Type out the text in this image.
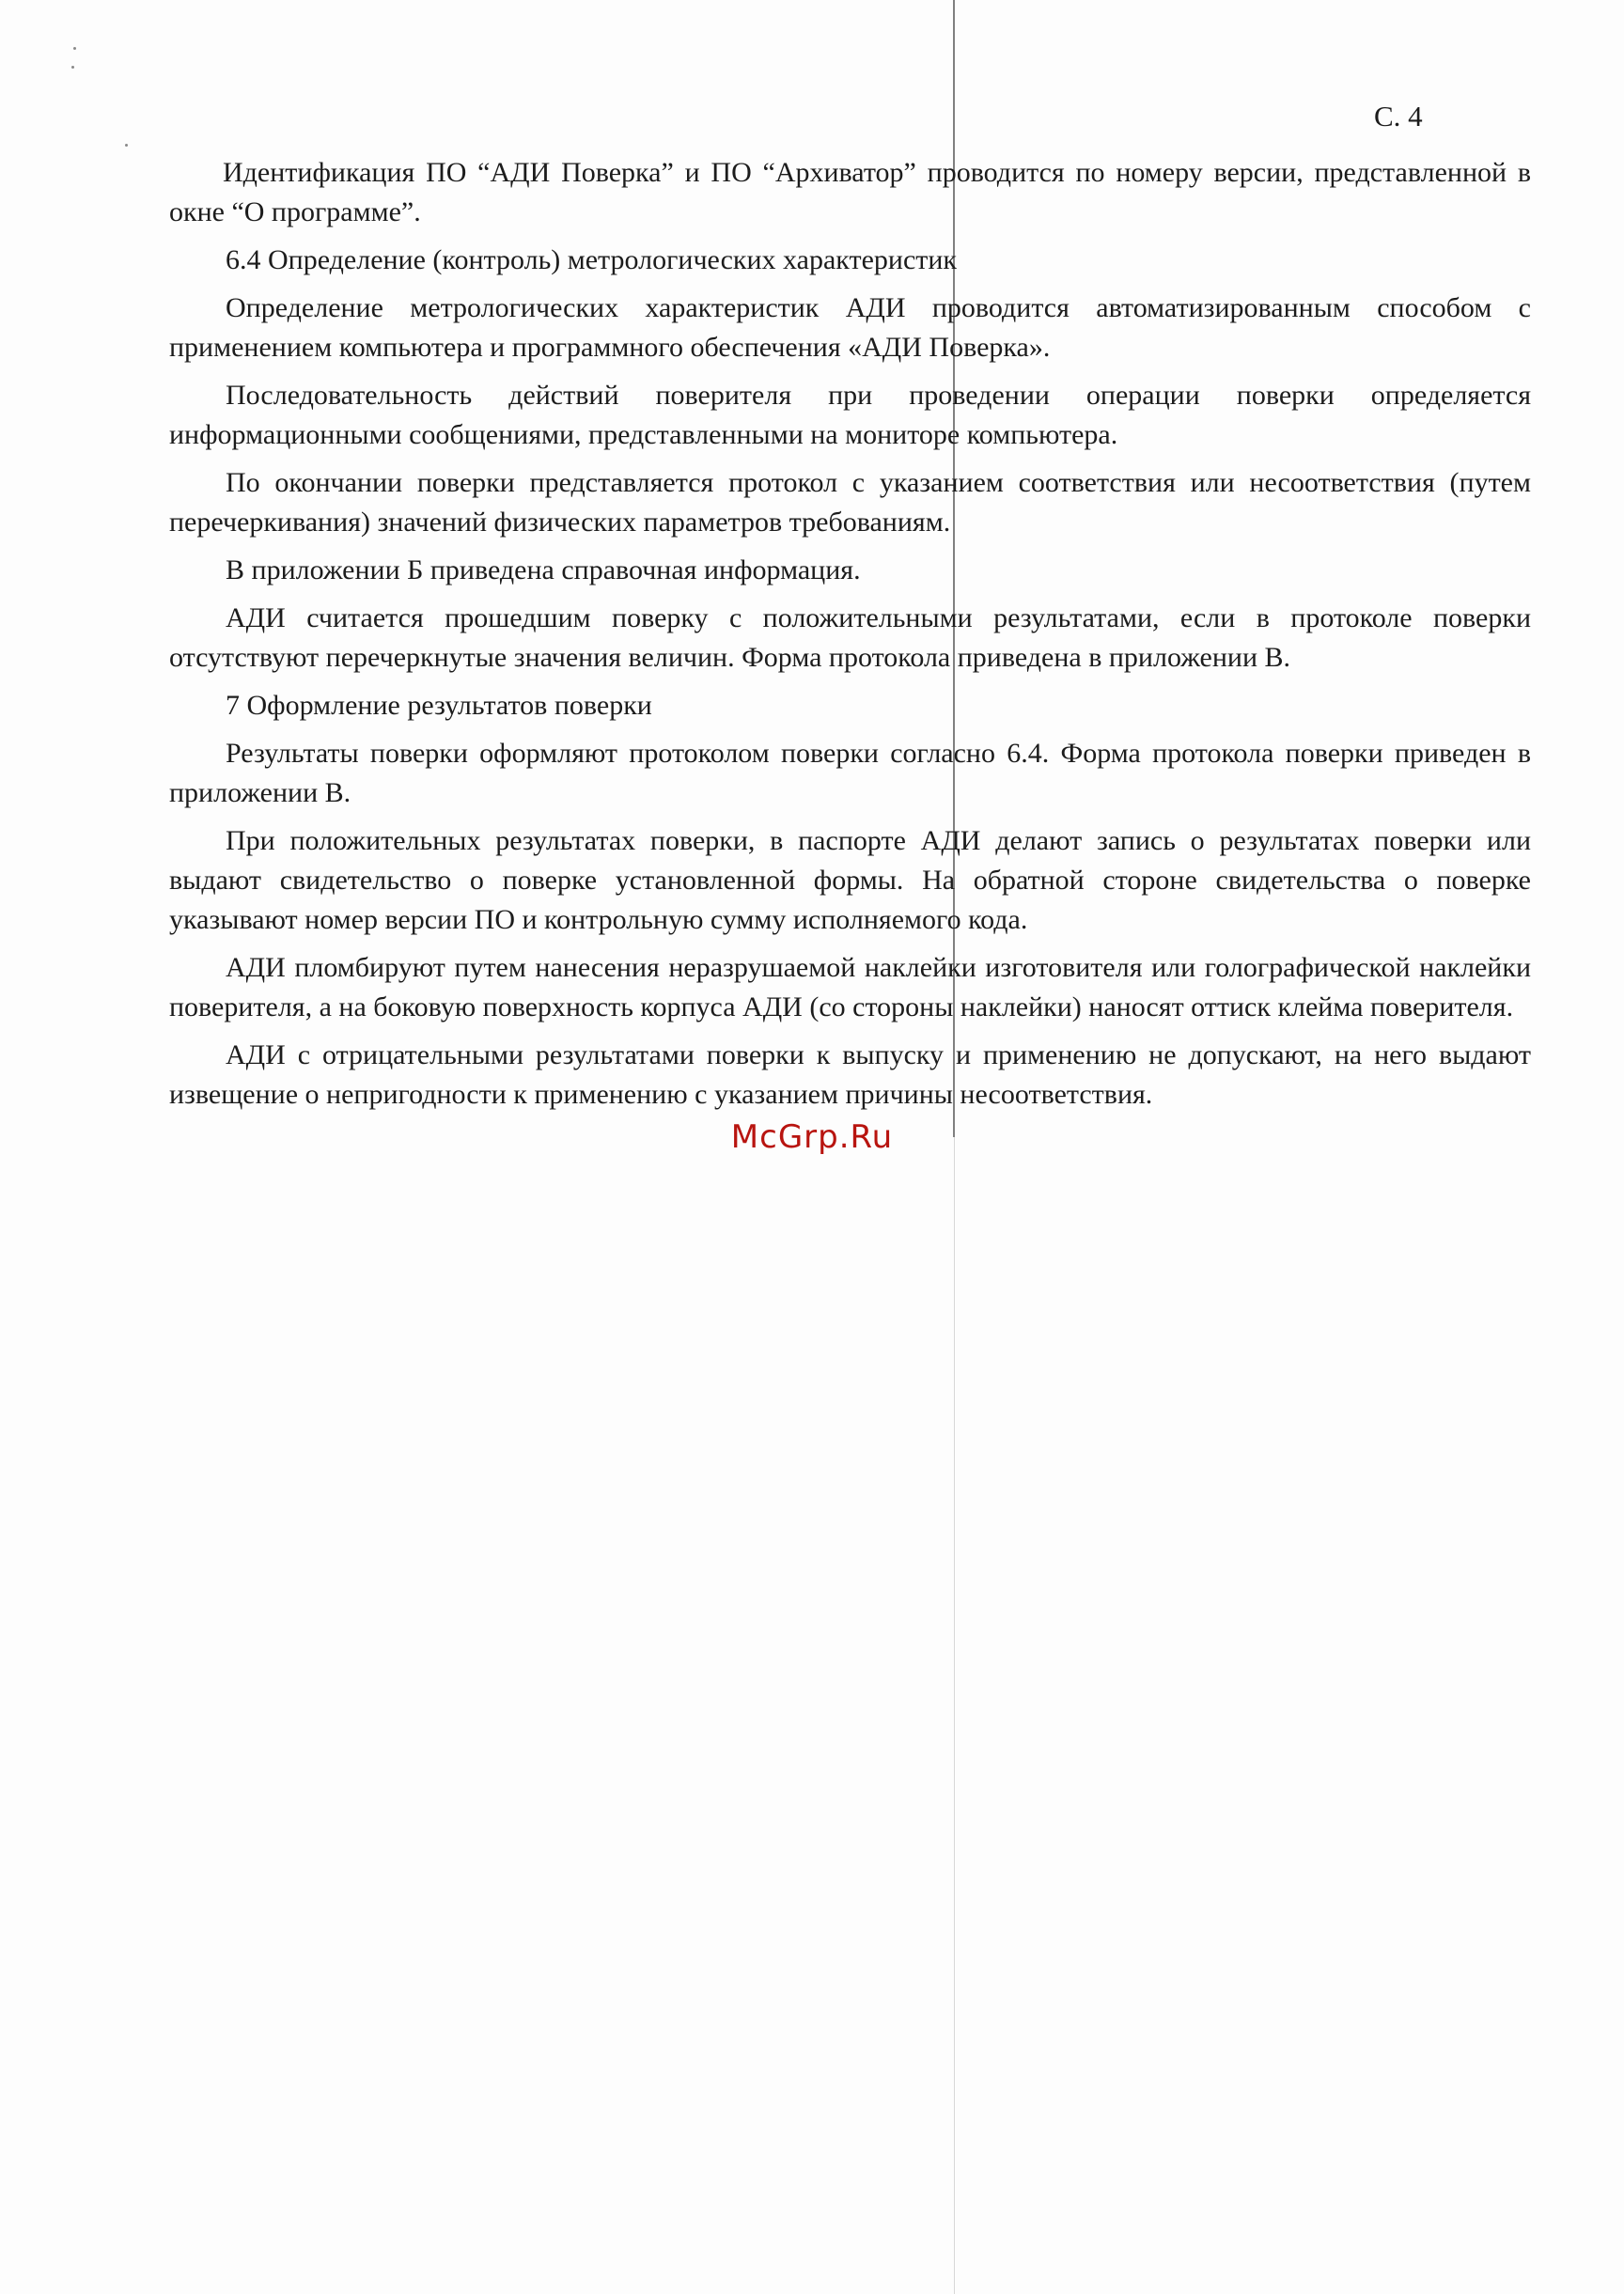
С. 4

Идентификация ПО “АДИ Поверка” и ПО “Архиватор” проводится по номеру версии, представленной в окне “О программе”.

6.4 Определение (контроль) метрологических характеристик

Определение метрологических характеристик АДИ проводится автоматизированным способом с применением компьютера и программного обеспечения «АДИ Поверка».

Последовательность действий поверителя при проведении операции поверки определяется информационными сообщениями, представленными на мониторе компьютера.

По окончании поверки представляется протокол с указанием соответствия или несоответствия (путем перечеркивания) значений физических параметров требованиям.

В приложении Б приведена справочная информация.

АДИ считается прошедшим поверку с положительными результатами, если в протоколе поверки отсутствуют перечеркнутые значения величин. Форма протокола приведена в приложении В.

7 Оформление результатов поверки

Результаты поверки оформляют протоколом поверки согласно 6.4. Форма протокола поверки приведен в приложении В.

При положительных результатах поверки, в паспорте АДИ делают запись о результатах поверки или выдают свидетельство о поверке установленной формы. На обратной стороне свидетельства о поверке указывают номер версии ПО и контрольную сумму исполняемого кода.

АДИ пломбируют путем нанесения неразрушаемой наклейки изготовителя или голографической наклейки поверителя, а на боковую поверхность корпуса АДИ (со стороны наклейки) наносят оттиск клейма поверителя.

АДИ с отрицательными результатами поверки к выпуску и применению не допускают, на него выдают извещение о непригодности к применению с указанием причины несоответствия.

McGrp.Ru
